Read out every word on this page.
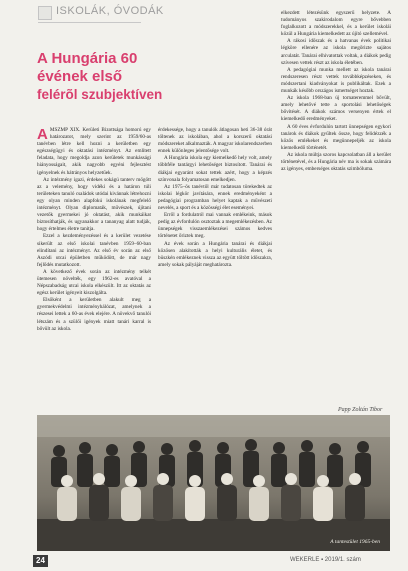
ISKOLÁK, ÓVODÁK
A Hungária 60 évének első
felérõl szubjektíven

AMSZMP XIX. Kerületi Bizottsága homorú egy határozatot, mely szerint az 1959/60-as tanévben létre kell hozni a kerületben egy egészségügyi és oktatási intézményt. Az említett feladata, hogy megoldja azon kerületek munkássági hiányosságait, akik nagyobb egyéni fejlesztést igényelnek és hátrányos helyzetűek.

Az intézmény igazi, érdekes sokágú tanterv mögött az a velemény, hogy vidéki és a határon túli területeken tanuló családok utódai kivánnak létrehozni egy olyan minden alapfokú iskolának megfelelő intézményt. Olyan diplomaták, művészek, újítani vezetők gyermekei jó oktatást, akik munkáikat biztosíthatják, és ugyanakkor a tananyag alatt tudják, hogy értelmes életre tanítja.

Ezzel a kezdeményezéssel és a kerület vezetése sikerült az első iskolai tanévben 1959–60-ban elindítani az intézményt. Az első év során az első Aszódi utcai épületben működött, de már nagy fejlődés mutatkozott.

A következő évek során az intézmény telkét ütemesen növelték, egy 1962-es avatóval a Népszabadság utcai iskola elkészült. Itt az oktatás az egész kerület igényeit kiszolgálta.

Elsőként a kerületben alakult meg a gyermekvédelmi intézményhálózat, amelynek a részesei lettek a 60-as évek elejére. A növekvő tanulói létszám és a szülői igények miatt tanári karral is bővült az iskola.

érdekessége, hogy a tanulók átlagosan heti 36-38 órát töltenek az iskolában, ahol a korszerű oktatási módszereket alkalmazták. A magyar iskolarendszerben ennek különleges jelentősége volt.

A Hungária iskola egy kiemelkedő hely volt, amely többféle tantárgyi lehetőséget biztosított. Tanárai és diákjai egyaránt sokat tettek azért, hogy a képzés színvonala folyamatosan emelkedjen.

Az 1975–ös tanévtől már tudatosan törekedtek az iskolai légkör javítására, ennek eredményeként a pedagógiai programban helyet kaptak a művészeti nevelés, a sport és a közösségi élet eseményei.

Erről a fordulatról mai vannak emlékeink, mások pedig az évfordulón osztoztak a megemlékezésben. Az ünnepségek visszaemlékezései számos kedves történetet őriztek meg.

Az évek során a Hungária tanárai és diákjai közösen alakították a helyi kulturális életet, és büszkén emlékeznek vissza az együtt töltött időszakra, amely sokak pályáját meghatározta.

elkezdett létezésünk egyszerű helyzete. A tudományos szakirodalom egyre bővebben foglalkozott a módszerekkel, és a kerület iskolái közül a Hungária kiemelkedett az újító szellemével.

A rákosi időszak és a hatvanas évek politikai légköre ellenére az iskola megőrizte sajátos arculatát. Tanárai elhivatottak voltak, a diákok pedig szívesen vettek részt az iskola életében.

A pedagógiai munka mellett az iskola tanárai rendszeresen részt vettek továbbképzéseken, és módszertani kiadványokat is publikáltak. Ezek a munkák később országos ismertséget hoztak.

Az iskola 1968-ban új tornateremmel bővült, amely lehetővé tette a sportolási lehetőségek bővítését. A diákok számos versenyen értek el kiemelkedő eredményeket.

A 60 éves évfordulón tartott ünnepségen egykori tanárok és diákok gyűltek össze, hogy felidézzék a közös emlékeket és megünnepeljék az iskola kiemelkedő történetét.

Az iskola múltja szoros kapcsolatban áll a kerület történetével, és a Hungária név ma is sokak számára az igényes, emberséges oktatás szimbóluma.

Papp Zoltán Tibor
A tantestület 1965-ben
24	WEKERLE ▪ 2019/1. szám
